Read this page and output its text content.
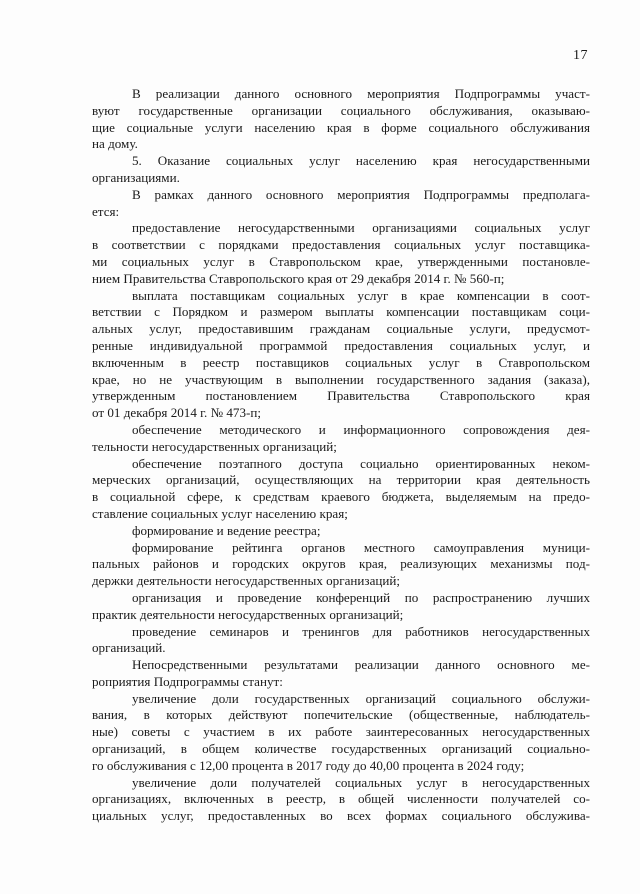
17

В реализации данного основного мероприятия Подпрограммы участ-
вуют государственные организации социального обслуживания, оказываю-
щие социальные услуги населению края в форме социального обслуживания
на дому.

5. Оказание социальных услуг населению края негосударственными
организациями.

В рамках данного основного мероприятия Подпрограммы предполага-
ется:

предоставление негосударственными организациями социальных услуг
в соответствии с порядками предоставления социальных услуг поставщика-
ми социальных услуг в Ставропольском крае, утвержденными постановле-
нием Правительства Ставропольского края от 29 декабря 2014 г. № 560-п;

выплата поставщикам социальных услуг в крае компенсации в соот-
ветствии с Порядком и размером выплаты компенсации поставщикам соци-
альных услуг, предоставившим гражданам социальные услуги, предусмот-
ренные индивидуальной программой предоставления социальных услуг, и
включенным в реестр поставщиков социальных услуг в Ставропольском
крае, но не участвующим в выполнении государственного задания (заказа),
утвержденным постановлением Правительства Ставропольского края
от 01 декабря 2014 г. № 473-п;

обеспечение методического и информационного сопровождения дея-
тельности негосударственных организаций;

обеспечение поэтапного доступа социально ориентированных неком-
мерческих организаций, осуществляющих на территории края деятельность
в социальной сфере, к средствам краевого бюджета, выделяемым на предо-
ставление социальных услуг населению края;

формирование и ведение реестра;

формирование рейтинга органов местного самоуправления муници-
пальных районов и городских округов края, реализующих механизмы под-
держки деятельности негосударственных организаций;

организация и проведение конференций по распространению лучших
практик деятельности негосударственных организаций;

проведение семинаров и тренингов для работников негосударственных
организаций.

Непосредственными результатами реализации данного основного ме-
роприятия Подпрограммы станут:

увеличение доли государственных организаций социального обслужи-
вания, в которых действуют попечительские (общественные, наблюдатель-
ные) советы с участием в их работе заинтересованных негосударственных
организаций, в общем количестве государственных организаций социально-
го обслуживания с 12,00 процента в 2017 году до 40,00 процента в 2024 году;

увеличение доли получателей социальных услуг в негосударственных
организациях, включенных в реестр, в общей численности получателей со-
циальных услуг, предоставленных во всех формах социального обслужива-
